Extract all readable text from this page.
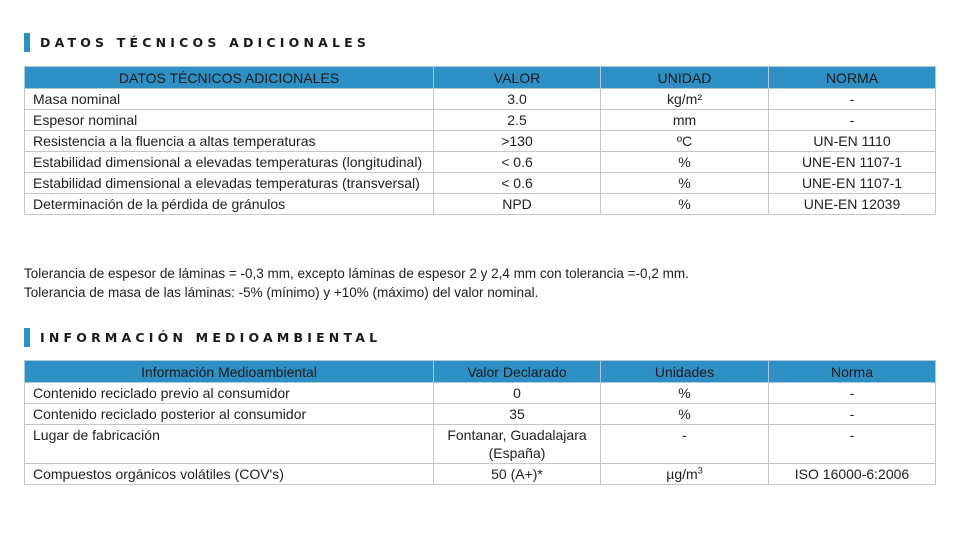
DATOS TÉCNICOS ADICIONALES
DATOS TÉCNICOS ADICIONALES	VALOR	UNIDAD	NORMA
Masa nominal	3.0	kg/m²	-
Espesor nominal	2.5	mm	-
Resistencia a la fluencia a altas temperaturas	>130	ºC	UN-EN 1110
Estabilidad dimensional a elevadas temperaturas (longitudinal)	< 0.6	%	UNE-EN 1107-1
Estabilidad dimensional a elevadas temperaturas (transversal)	< 0.6	%	UNE-EN 1107-1
Determinación de la pérdida de gránulos	NPD	%	UNE-EN 12039
Tolerancia de espesor de láminas = -0,3 mm, excepto láminas de espesor 2 y 2,4 mm con tolerancia =-0,2 mm.
Tolerancia de masa de las láminas: -5% (mínimo) y +10% (máximo) del valor nominal.
INFORMACIÓN MEDIOAMBIENTAL
Información Medioambiental	Valor Declarado	Unidades	Norma
Contenido reciclado previo al consumidor	0	%	-
Contenido reciclado posterior al consumidor	35	%	-
Lugar de fabricación	Fontanar, Guadalajara (España)	-	-
Compuestos orgánicos volátiles (COV's)	50 (A+)*	$\mu g/m^3$	ISO 16000-6:2006
